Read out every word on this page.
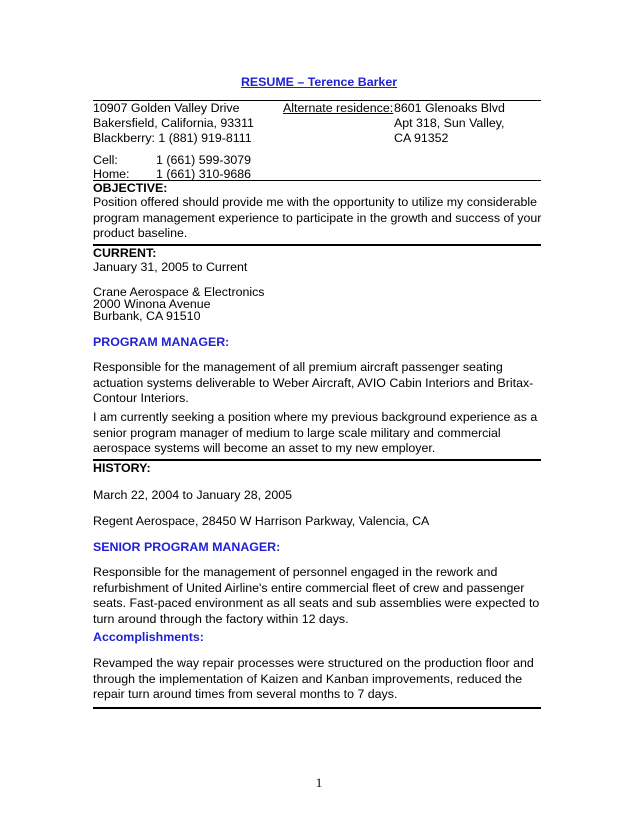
RESUME – Terence Barker
10907 Golden Valley Drive
Bakersfield, California, 93311
Blackberry: 1 (881) 919-8111
Alternate residence: 8601 Glenoaks Blvd
Apt 318, Sun Valley,
CA 91352
Cell:	1 (661) 599-3079
Home: 1 (661) 310-9686
OBJECTIVE:
Position offered should provide me with the opportunity to utilize my considerable program management experience to participate in the growth and success of your product baseline.
CURRENT:
January 31, 2005 to Current
Crane Aerospace & Electronics
2000 Winona Avenue
Burbank, CA 91510
PROGRAM MANAGER:
Responsible for the management of all premium aircraft passenger seating actuation systems deliverable to Weber Aircraft, AVIO Cabin Interiors and Britax-Contour Interiors.
I am currently seeking a position where my previous background experience as a senior program manager of medium to large scale military and commercial aerospace systems will become an asset to my new employer.
HISTORY:
March 22, 2004 to January 28, 2005
Regent Aerospace, 28450 W Harrison Parkway, Valencia, CA
SENIOR PROGRAM MANAGER:
Responsible for the management of personnel engaged in the rework and refurbishment of United Airline's entire commercial fleet of crew and passenger seats. Fast-paced environment as all seats and sub assemblies were expected to turn around through the factory within 12 days.
Accomplishments:
Revamped the way repair processes were structured on the production floor and through the implementation of Kaizen and Kanban improvements, reduced the repair turn around times from several months to 7 days.
1
